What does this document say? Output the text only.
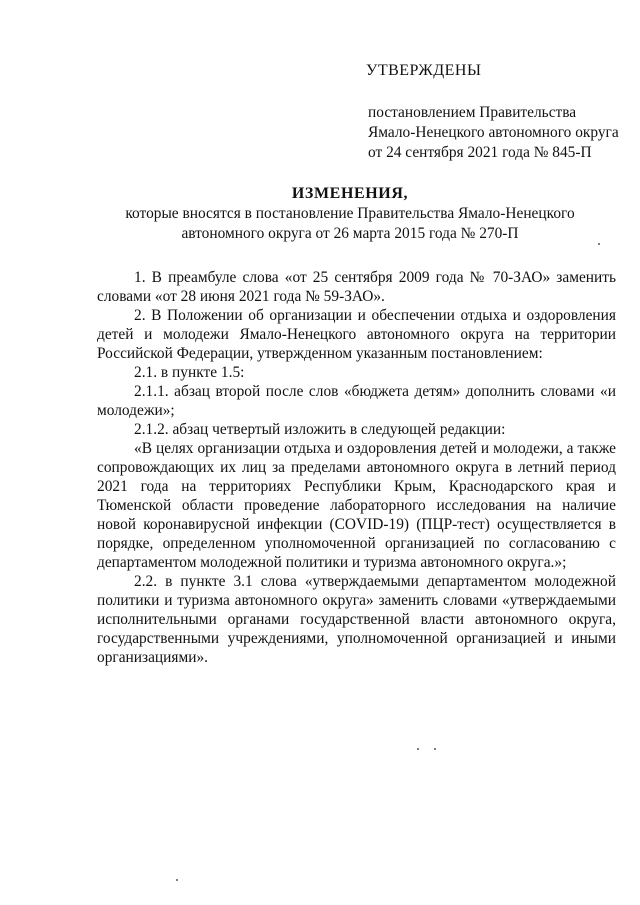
УТВЕРЖДЕНЫ

постановлением Правительства

Ямало-Ненецкого автономного округа

от 24 сентября 2021 года № 845-П

ИЗМЕНЕНИЯ,

которые вносятся в постановление Правительства Ямало-Ненецкого

автономного округа от 26 марта 2015 года № 270-П

1. В преамбуле слова «от 25 сентября 2009 года № 70-ЗАО» заменить словами «от 28 июня 2021 года № 59-ЗАО».

2. В Положении об организации и обеспечении отдыха и оздоровления детей и молодежи Ямало-Ненецкого автономного округа на территории Российской Федерации, утвержденном указанным постановлением:

2.1. в пункте 1.5:

2.1.1. абзац второй после слов «бюджета детям» дополнить словами «и молодежи»;

2.1.2. абзац четвертый изложить в следующей редакции:

«В целях организации отдыха и оздоровления детей и молодежи, а также сопровождающих их лиц за пределами автономного округа в летний период 2021 года на территориях Республики Крым, Краснодарского края и Тюменской области проведение лабораторного исследования на наличие новой коронавирусной инфекции (COVID-19) (ПЦР-тест) осуществляется в порядке, определенном уполномоченной организацией по согласованию с департаментом молодежной политики и туризма автономного округа.»;

2.2. в пункте 3.1 слова «утверждаемыми департаментом молодежной политики и туризма автономного округа» заменить словами «утверждаемыми исполнительными органами государственной власти автономного округа, государственными учреждениями, уполномоченной организацией и иными организациями».
